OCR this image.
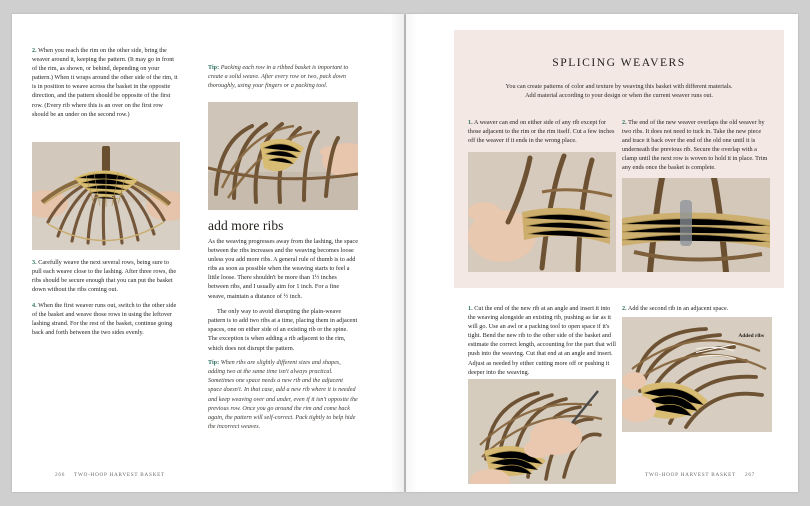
2. When you reach the rim on the other side, bring the weaver around it, keeping the pattern. (It may go in front of the rim, as shown, or behind, depending on your pattern.) When it wraps around the other side of the rim, it is in position to weave across the basket in the opposite direction, and the pattern should be opposite of the first row. (Every rib where this is an over on the first row should be an under on the second row.)

3. Carefully weave the next several rows, being sure to pull each weave close to the lashing. After three rows, the ribs should be secure enough that you can put the basket down without the ribs coming out.

4. When the first weaver runs out, switch to the other side of the basket and weave those rows in using the leftover lashing strand. For the rest of the basket, continue going back and forth between the two sides evenly.

Tip: Packing each row in a ribbed basket is important to create a solid weave. After every row or two, pack down thoroughly, using your fingers or a packing tool.

add more ribs

As the weaving progresses away from the lashing, the space between the ribs increases and the weaving becomes loose unless you add more ribs. A general rule of thumb is to add ribs as soon as possible when the weaving starts to feel a little loose. There shouldn't be more than 1½ inches between ribs, and I usually aim for 1 inch. For a fine weave, maintain a distance of ½ inch.

The only way to avoid disrupting the plain-weave pattern is to add two ribs at a time, placing them in adjacent spaces, one on either side of an existing rib or the spine. The exception is when adding a rib adjacent to the rim, which does not disrupt the pattern.

Tip: When ribs are slightly different sizes and shapes, adding two at the same time isn't always practical. Sometimes one space needs a new rib and the adjacent space doesn't. In that case, add a new rib where it is needed and keep weaving over and under, even if it isn't opposite the previous row. Once you go around the rim and come back again, the pattern will self-correct. Pack tightly to help hide the incorrect weaves.

266 TWO-HOOP HARVEST BASKET
SPLICING WEAVERS
You can create patterns of color and texture by weaving this basket with different materials.
Add material according to your design or when the current weaver runs out.

1. A weaver can end on either side of any rib except for those adjacent to the rim or the rim itself. Cut a few inches off the weaver if it ends in the wrong place.

2. The end of the new weaver overlaps the old weaver by two ribs. It does not need to tuck in. Take the new piece and trace it back over the end of the old one until it is underneath the previous rib. Secure the overlap with a clamp until the next row is woven to hold it in place. Trim any ends once the basket is complete.

1. Cut the end of the new rib at an angle and insert it into the weaving alongside an existing rib, pushing as far as it will go. Use an awl or a packing tool to open space if it's tight. Bend the new rib to the other side of the basket and estimate the correct length, accounting for the part that will push into the weaving. Cut that end at an angle and insert. Adjust as needed by either cutting more off or pushing it deeper into the weaving.

2. Add the second rib in an adjacent space.

Added ribs
TWO-HOOP HARVEST BASKET 267
